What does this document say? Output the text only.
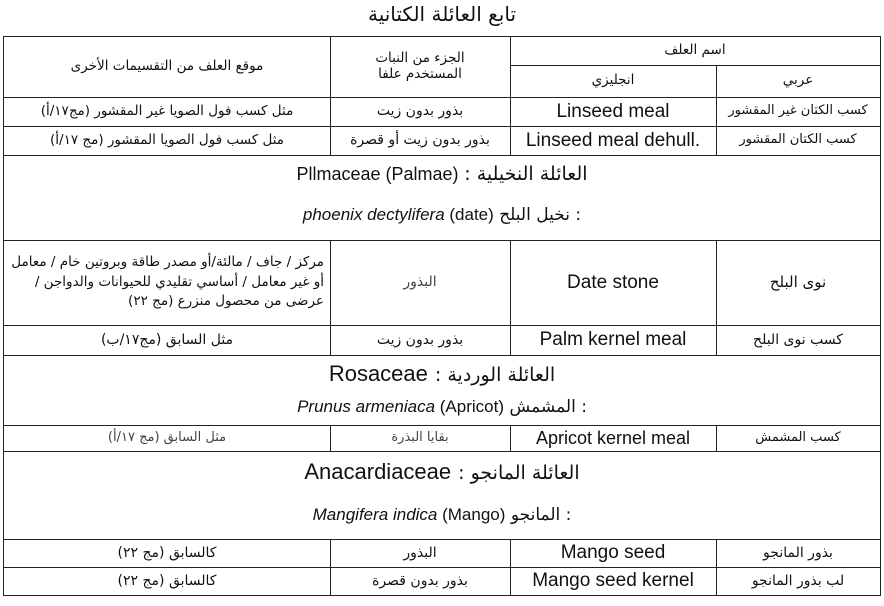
تابع العائلة الكتانية
اسم العلف
عربي
انجليزي
الجزء من النبات
المستخدم علفا
موقع العلف من التقسيمات الأخرى
كسب الكتان غير المقشور
Linseed meal
بذور بدون زيت
مثل كسب فول الصويا غير المقشور (مج١٧/أ)
كسب الكتان المقشور
Linseed meal dehull.
بذور بدون زيت أو قصرة
مثل كسب فول الصويا المقشور (مج ١٧/أ)
Pllmaceae (Palmae) العائلة النخيلية :
phoenix dectylifera (date) : نخيل البلح
نوى البلح
Date stone
البذور
مركز / جاف / مالئة/أو مصدر طاقة وبروتين خام / معامل أو غير معامل / أساسي تقليدي للحيوانات والدواجن /عرضى من محصول منزرع (مج ٢٢)
كسب نوى البلح
Palm kernel meal
بذور بدون زيت
مثل السابق (مج١٧/ب)
Rosaceae العائلة الوردية :
Prunus armeniaca (Apricot) : المشمش
كسب المشمش
Apricot kernel meal
بقايا البذرة
مثل السابق (مج ١٧/أ)
Anacardiaceae العائلة المانجو :
Mangifera indica (Mango) : المانجو
بذور المانجو
Mango seed
البذور
كالسابق (مج ٢٢)
لب بذور المانجو
Mango seed kernel
بذور بدون قصرة
كالسابق (مج ٢٢)
